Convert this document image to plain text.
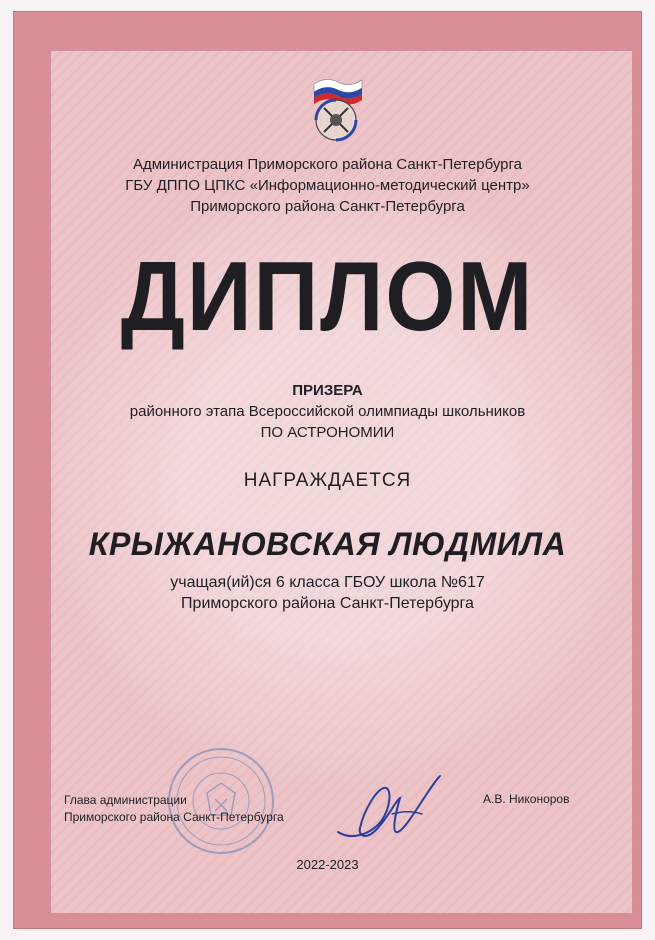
Администрация Приморского района Санкт-Петербурга
ГБУ ДППО ЦПКС «Информационно-методический центр»
Приморского района Санкт-Петербурга
ДИПЛОМ
ПРИЗЕРА
районного этапа Всероссийской олимпиады школьников
ПО АСТРОНОМИИ
НАГРАЖДАЕТСЯ
КРЫЖАНОВСКАЯ ЛЮДМИЛА
учащая(ий)ся 6 класса ГБОУ школа №617
Приморского района Санкт-Петербурга
Глава администрации
Приморского района Санкт-Петербурга
А.В. Никоноров
2022-2023
